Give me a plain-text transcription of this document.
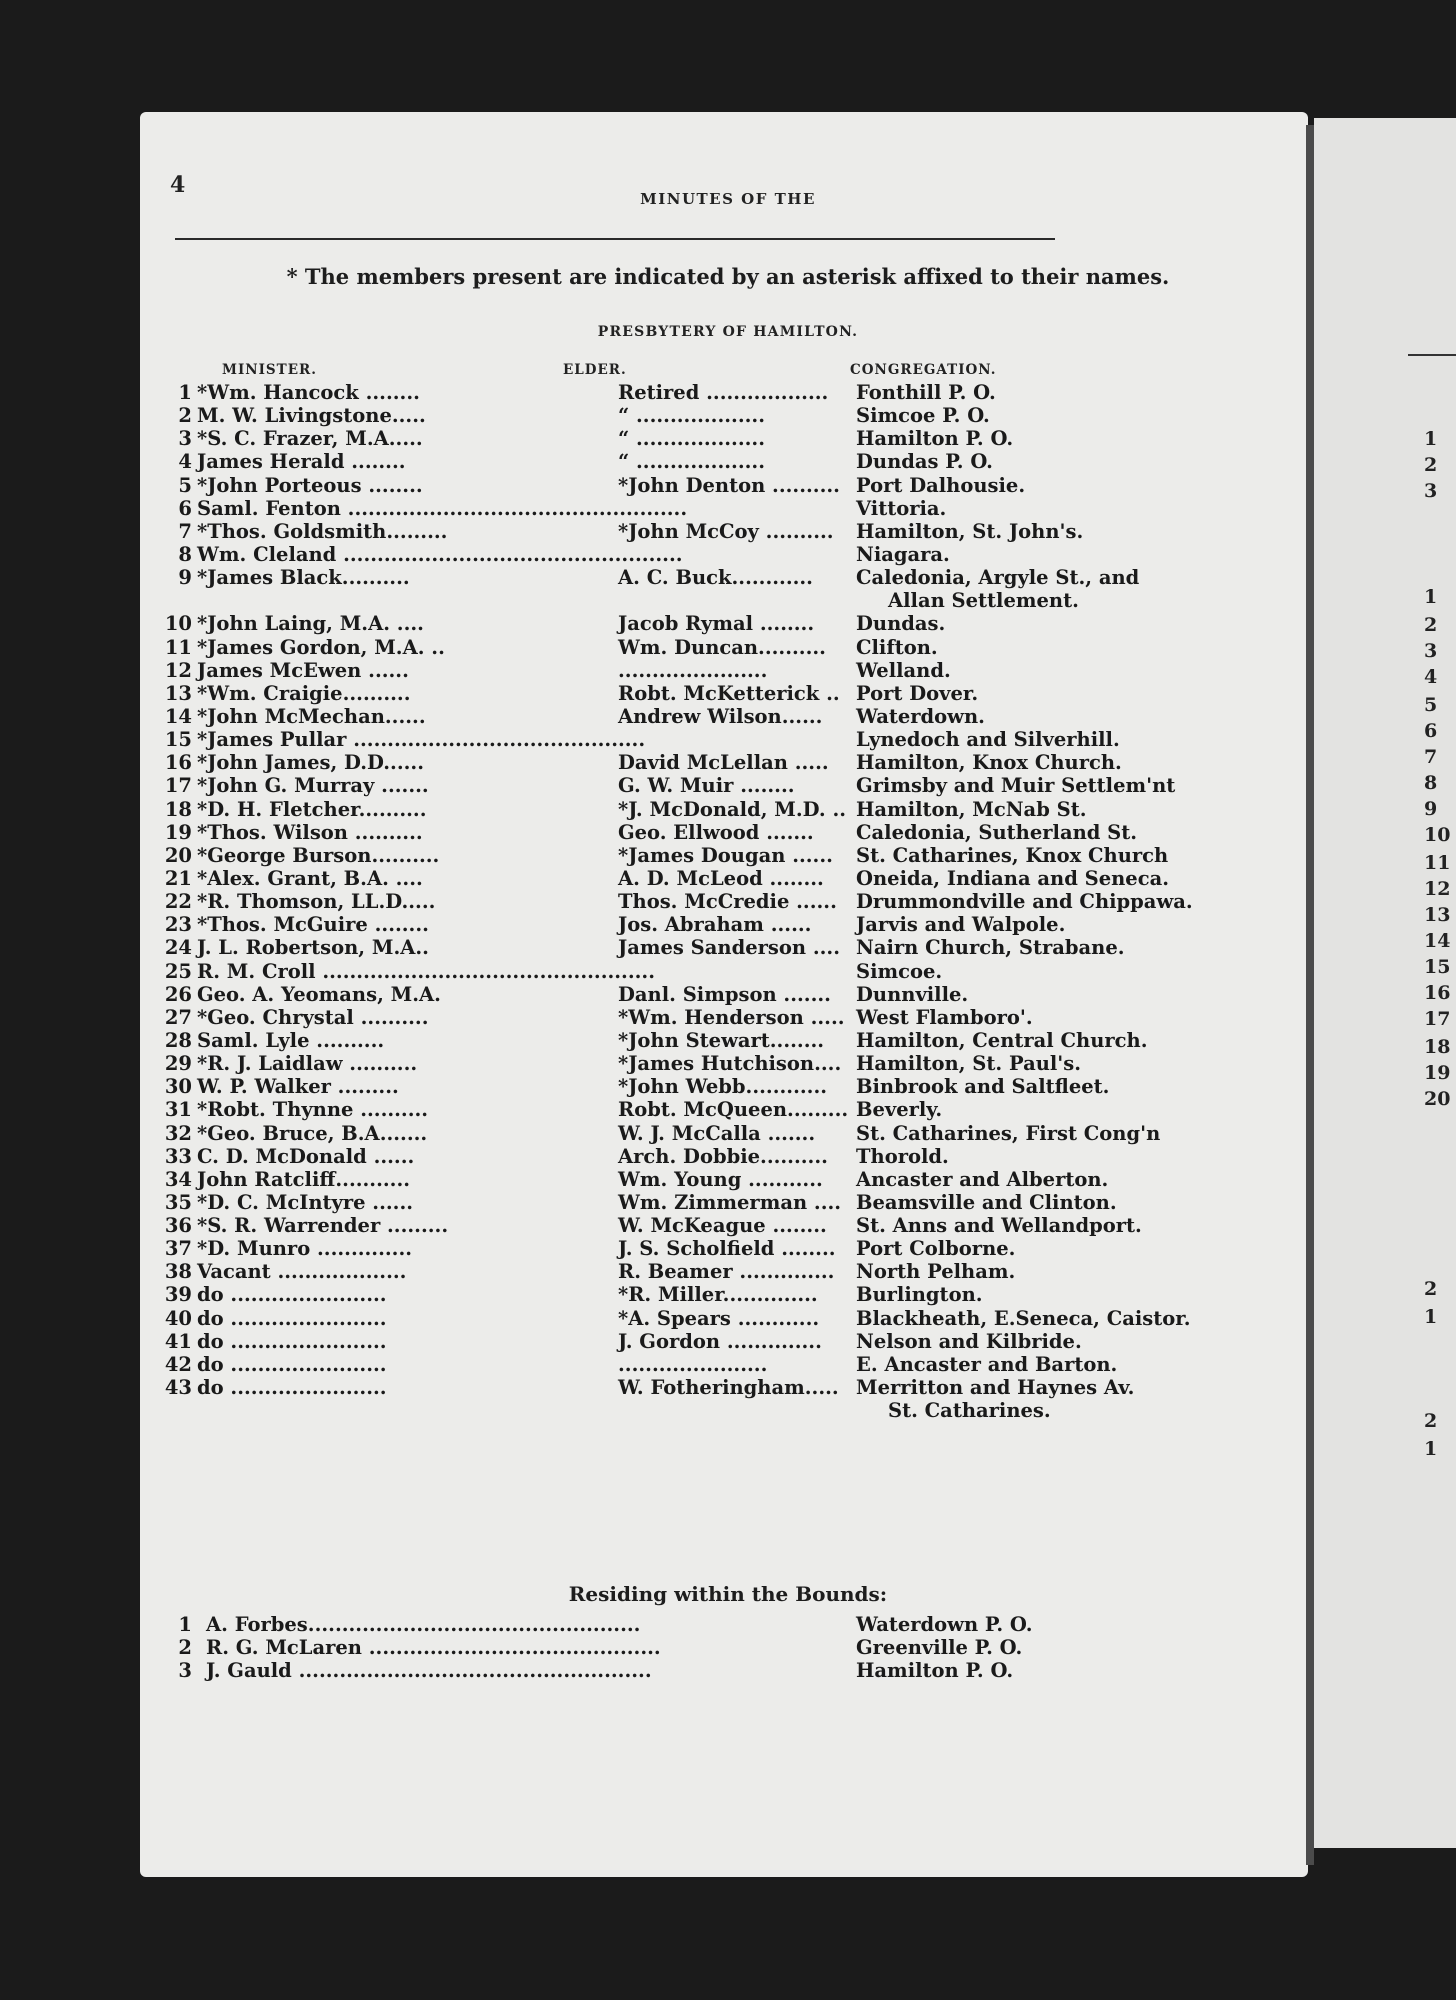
1
2
3
1
2
3
4
5
6
7
8
9
10
11
12
13
14
15
16
17
18
19
20
2
1
2
1
4
MINUTES OF THE
* The members present are indicated by an asterisk affixed to their names.
PRESBYTERY OF HAMILTON.
MINISTER.	ELDER.	CONGREGATION.
1 *Wm. Hancock ........	Retired .................. Fonthill P. O.
2 M. W. Livingstone.....	“ ...................	Simcoe P. O.
3 *S. C. Frazer, M.A.....	“ ...................	Hamilton P. O.
4 James Herald ........	“ ...................	Dundas P. O.
5 *John Porteous ........	*John Denton .......... Port Dalhousie.
6 Saml. Fenton ..................................................	Vittoria.
7 *Thos. Goldsmith.........	*John McCoy .......... Hamilton, St. John's.
8 Wm. Cleland ..................................................	Niagara.
9 *James Black..........	A. C. Buck............ Caledonia, Argyle St., and
Allan Settlement.
10 *John Laing, M.A. ....	Jacob Rymal ........ Dundas.
11 *James Gordon, M.A. ..	Wm. Duncan.......... Clifton.
12 James McEwen ......	......................	Welland.
13 *Wm. Craigie..........	Robt. McKetterick .. Port Dover.
14 *John McMechan......	Andrew Wilson...... Waterdown.
15 *James Pullar ...........................................	Lynedoch and Silverhill.
16 *John James, D.D......	David McLellan ..... Hamilton, Knox Church.
17 *John G. Murray .......	G. W. Muir ........	Grimsby and Muir Settlem'nt
18 *D. H. Fletcher..........	*J. McDonald, M.D. .. Hamilton, McNab St.
19 *Thos. Wilson ..........	Geo. Ellwood ....... Caledonia, Sutherland St.
20 *George Burson..........	*James Dougan ...... St. Catharines, Knox Church
21 *Alex. Grant, B.A. ....	A. D. McLeod ........ Oneida, Indiana and Seneca.
22 *R. Thomson, LL.D.....	Thos. McCredie ...... Drummondville and Chippawa.
23 *Thos. McGuire ........	Jos. Abraham ...... Jarvis and Walpole.
24 J. L. Robertson, M.A..	James Sanderson .... Nairn Church, Strabane.
25 R. M. Croll .................................................	Simcoe.
26 Geo. A. Yeomans, M.A.	Danl. Simpson ....... Dunnville.
27 *Geo. Chrystal ..........	*Wm. Henderson ..... West Flamboro'.
28 Saml. Lyle ..........	*John Stewart........ Hamilton, Central Church.
29 *R. J. Laidlaw ..........	*James Hutchison.... Hamilton, St. Paul's.
30 W. P. Walker .........	*John Webb............ Binbrook and Saltfleet.
31 *Robt. Thynne ..........	Robt. McQueen......... Beverly.
32 *Geo. Bruce, B.A.......	W. J. McCalla ....... St. Catharines, First Cong'n
33 C. D. McDonald ......	Arch. Dobbie.......... Thorold.
34 John Ratcliff...........	Wm. Young ........... Ancaster and Alberton.
35 *D. C. McIntyre ......	Wm. Zimmerman .... Beamsville and Clinton.
36 *S. R. Warrender .........	W. McKeague ........ St. Anns and Wellandport.
37 *D. Munro ..............	J. S. Scholfield ........ Port Colborne.
38 Vacant ...................	R. Beamer .............. North Pelham.
39 do .......................	*R. Miller.............. Burlington.
40 do .......................	*A. Spears ............ Blackheath, E.Seneca, Caistor.
41 do .......................	J. Gordon .............. Nelson and Kilbride.
42 do .......................	......................	E. Ancaster and Barton.
43 do .......................	W. Fotheringham..... Merritton and Haynes Av.
St. Catharines.
Residing within the Bounds:
1 A. Forbes.................................................	Waterdown P. O.
2 R. G. McLaren ...........................................	Greenville P. O.
3 J. Gauld ....................................................	Hamilton P. O.
